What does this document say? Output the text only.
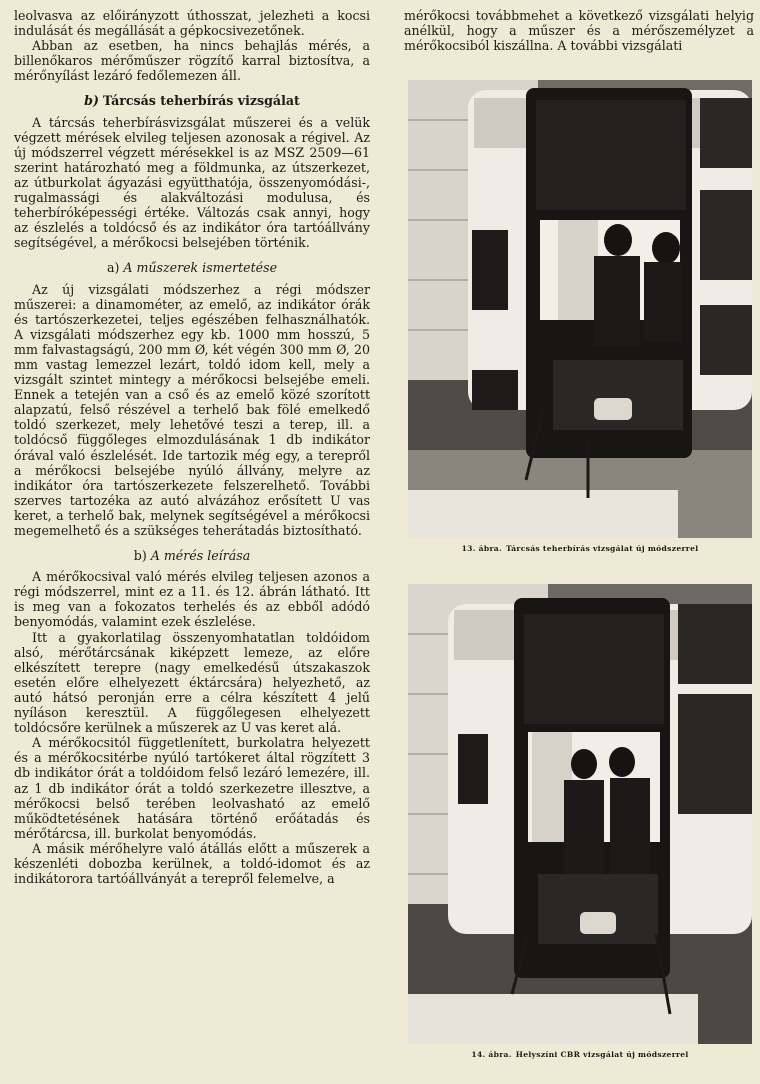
leolvasva az előirányzott úthosszat, jelezheti a kocsi indulását és megállását a gépkocsivezetőnek.

Abban az esetben, ha nincs behajlás mérés, a billenőkaros mérőműszer rögzítő karral biztosítva, a mérőnyílást lezáró fedőlemezen áll.

b) Tárcsás teherbírás vizsgálat

A tárcsás teherbírásvizsgálat műszerei és a velük végzett mérések elvileg teljesen azonosak a régivel. Az új módszerrel végzett mérésekkel is az MSZ 2509—61 szerint határozható meg a földmunka, az útszerkezet, az útburkolat ágyazási együtthatója, összenyomódási-, rugalmassági és alakváltozási modulusa, és teherbíróképességi értéke. Változás csak annyi, hogy az észlelés a toldócső és az indikátor óra tartóállvány segítségével, a mérőkocsi belsejében történik.

a) A műszerek ismertetése

Az új vizsgálati módszerhez a régi módszer műszerei: a dinamométer, az emelő, az indikátor órák és tartószerkezetei, teljes egészében felhasználhatók. A vizsgálati módszerhez egy kb. 1000 mm hosszú, 5 mm falvastagságú, 200 mm Ø, két végén 300 mm Ø, 20 mm vastag lemezzel lezárt, toldó idom kell, mely a vizsgált szintet mintegy a mérőkocsi belsejébe emeli. Ennek a tetején van a cső és az emelő közé szorított alapzatú, felső részével a terhelő bak fölé emelkedő toldó szerkezet, mely lehetővé teszi a terep, ill. a toldócső függőleges elmozdulásának 1 db indikátor órával való észlelését. Ide tartozik még egy, a terepről a mérőkocsi belsejébe nyúló állvány, melyre az indikátor óra tartószerkezete felszerelhető. További szerves tartozéka az autó alvázához erősített U vas keret, a terhelő bak, melynek segítségével a mérőkocsi megemelhető és a szükséges teherátadás biztosítható.

b) A mérés leírása

A mérőkocsival való mérés elvileg teljesen azonos a régi módszerrel, mint ez a 11. és 12. ábrán látható. Itt is meg van a fokozatos terhelés és az ebből adódó benyomódás, valamint ezek észlelése.

Itt a gyakorlatilag összenyomhatatlan toldóidom alsó, mérőtárcsának kiképzett lemeze, az előre elkészített terepre (nagy emelkedésű útszakaszok esetén előre elhelyezett éktárcsára) helyezhető, az autó hátsó peronján erre a célra készített 4 jelű nyíláson keresztül. A függőlegesen elhelyezett toldócsőre kerülnek a műszerek az U vas keret alá.

A mérőkocsitól függetlenített, burkolatra helyezett és a mérőkocsitérbe nyúló tartókeret által rögzített 3 db indikátor órát a toldóidom felső lezáró lemezére, ill. az 1 db indikátor órát a toldó szerkezetre illesztve, a mérőkocsi belső terében leolvasható az emelő működtetésének hatására történő erőátadás és mérőtárcsa, ill. burkolat benyomódás.

A másik mérőhelyre való átállás előtt a műszerek a készenléti dobozba kerülnek, a toldó-idomot és az indikátorora tartóállványát a terepről felemelve, a

mérőkocsi továbbmehet a következő vizsgálati helyig anélkül, hogy a műszer és a mérőszemélyzet a mérőkocsiból kiszállna. A további vizsgálati

13. ábra. Tárcsás teherbírás vizsgálat új módszerrel
14. ábra. Helyszíni CBR vizsgálat új módszerrel
